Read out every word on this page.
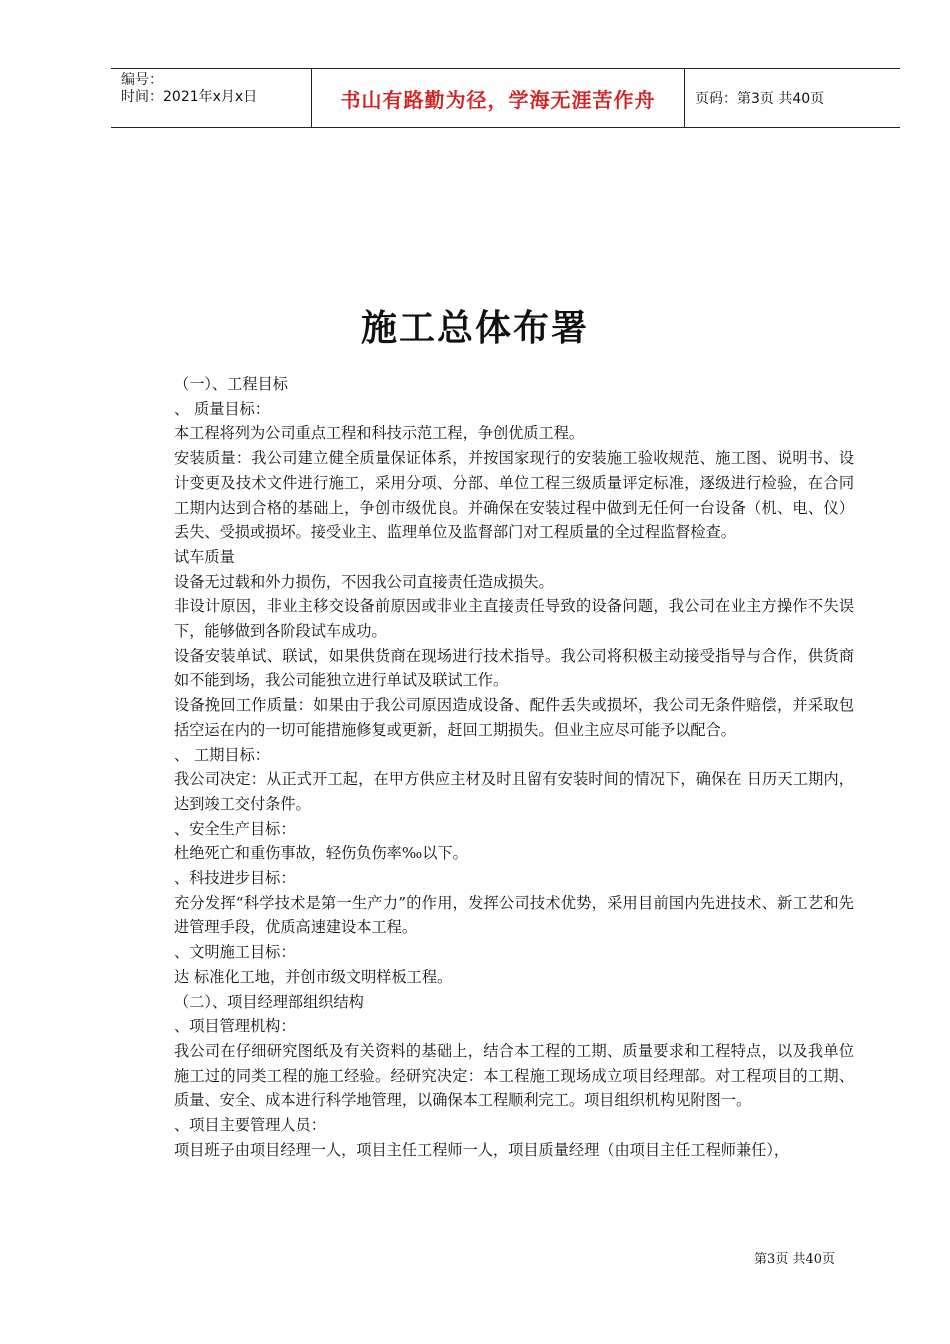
编号：
时间：2021年x月x日	书山有路勤为径，学海无涯苦作舟	页码：第3页 共40页
施工总体布署

（一）、工程目标

、 质量目标：

本工程将列为公司重点工程和科技示范工程，争创优质工程。

安装质量：我公司建立健全质量保证体系，并按国家现行的安装施工验收规范、施工图、说明书、设计变更及技术文件进行施工，采用分项、分部、单位工程三级质量评定标准，逐级进行检验，在合同工期内达到合格的基础上，争创市级优良。并确保在安装过程中做到无任何一台设备（机、电、仪）丢失、受损或损坏。接受业主、监理单位及监督部门对工程质量的全过程监督检查。

试车质量

设备无过载和外力损伤，不因我公司直接责任造成损失。

非设计原因，非业主移交设备前原因或非业主直接责任导致的设备问题，我公司在业主方操作不失误下，能够做到各阶段试车成功。

设备安装单试、联试，如果供货商在现场进行技术指导。我公司将积极主动接受指导与合作，供货商如不能到场，我公司能独立进行单试及联试工作。

设备挽回工作质量：如果由于我公司原因造成设备、配件丢失或损坏，我公司无条件赔偿，并采取包括空运在内的一切可能措施修复或更新，赶回工期损失。但业主应尽可能予以配合。

、 工期目标：

我公司决定：从正式开工起，在甲方供应主材及时且留有安装时间的情况下，确保在 日历天工期内，达到竣工交付条件。

、安全生产目标：

杜绝死亡和重伤事故，轻伤负伤率‰以下。

、科技进步目标：

充分发挥“科学技术是第一生产力”的作用，发挥公司技术优势，采用目前国内先进技术、新工艺和先进管理手段，优质高速建设本工程。

、文明施工目标：

达 标准化工地，并创市级文明样板工程。

（二）、项目经理部组织结构

、项目管理机构：

我公司在仔细研究图纸及有关资料的基础上，结合本工程的工期、质量要求和工程特点，以及我单位施工过的同类工程的施工经验。经研究决定：本工程施工现场成立项目经理部。对工程项目的工期、质量、安全、成本进行科学地管理，以确保本工程顺利完工。项目组织机构见附图一。

、项目主要管理人员：

项目班子由项目经理一人，项目主任工程师一人，项目质量经理（由项目主任工程师兼任），

第3页 共40页
